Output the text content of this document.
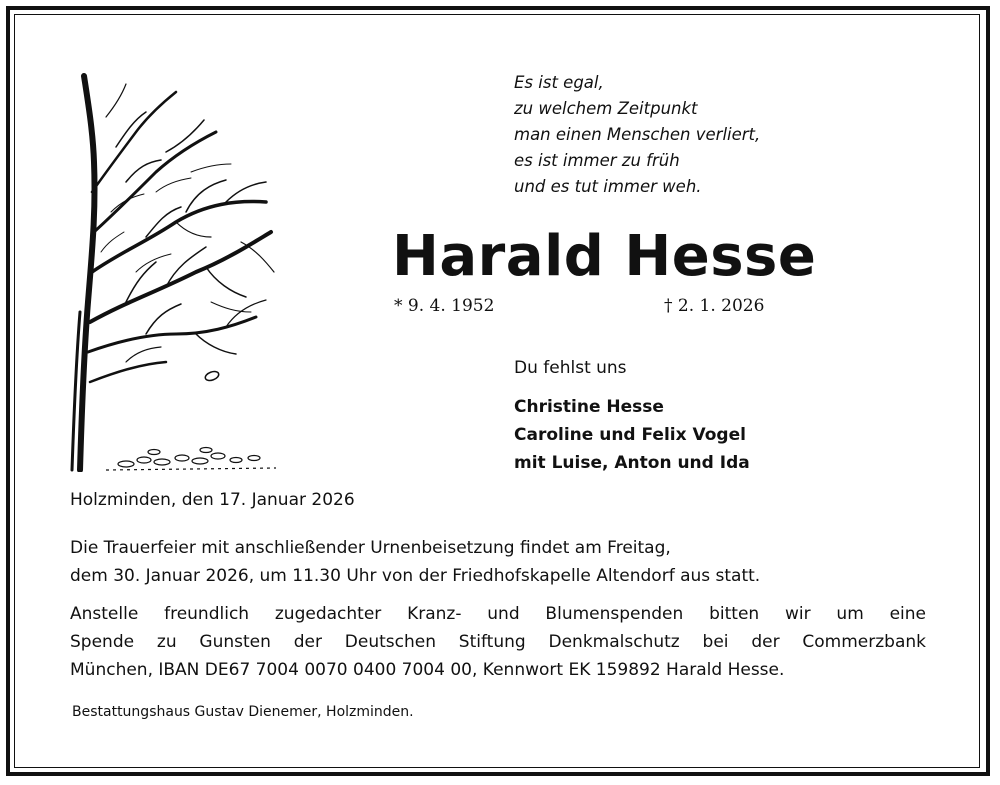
Es ist egal,
zu welchem Zeitpunkt
man einen Menschen verliert,
es ist immer zu früh
und es tut immer weh.
Harald Hesse
* 9. 4. 1952	† 2. 1. 2026
Du fehlst uns
Christine Hesse
Caroline und Felix Vogel
mit Luise, Anton und Ida
Holzminden, den 17. Januar 2026
Die Trauerfeier mit anschließender Urnenbeisetzung findet am Freitag,
dem 30. Januar 2026, um 11.30 Uhr von der Friedhofskapelle Altendorf aus statt.
Anstelle freundlich zugedachter Kranz- und Blumenspenden bitten wir um eine
Spende zu Gunsten der Deutschen Stiftung Denkmalschutz bei der Commerzbank
München, IBAN DE67 7004 0070 0400 7004 00, Kennwort EK 159892 Harald Hesse.
Bestattungshaus Gustav Dienemer, Holzminden.
